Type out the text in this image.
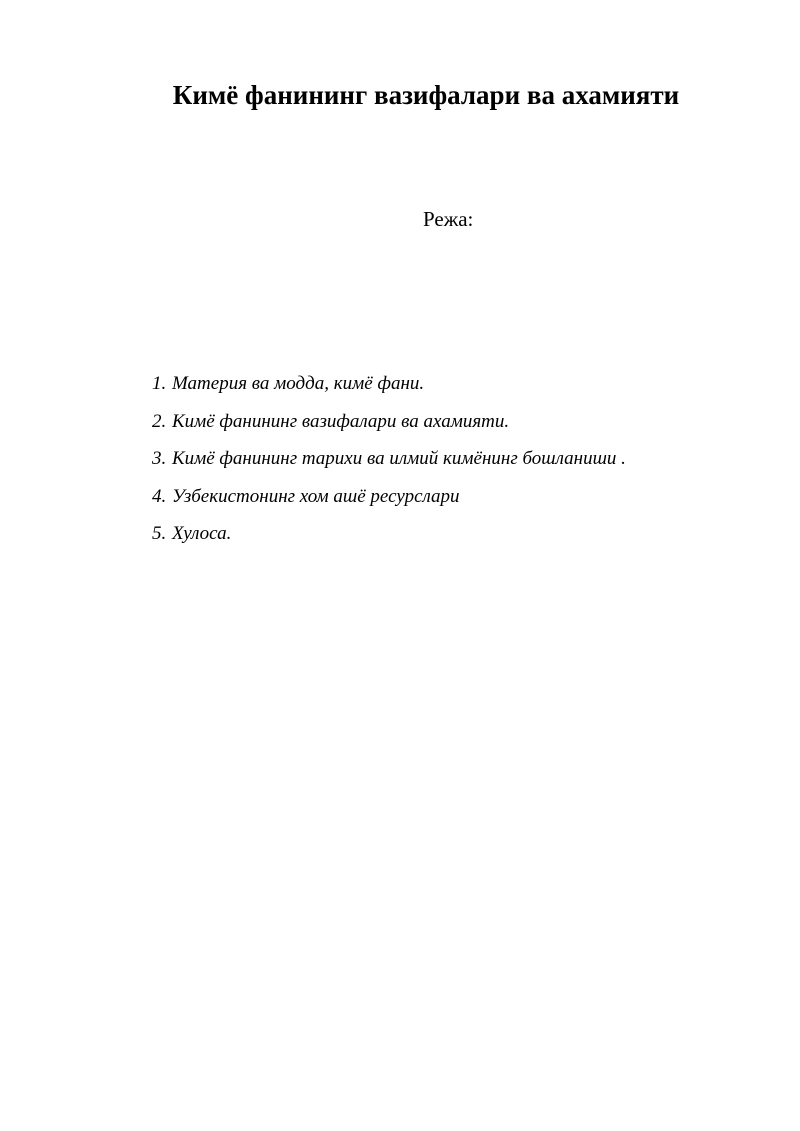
Кимё фанининг вазифалари ва ахамияти
Режа:
1. Материя ва модда, кимё фани.
2. Кимё фанининг вазифалари ва ахамияти.
3. Кимё фанининг тарихи ва илмий кимёнинг бошланиши .
4. Узбекистонинг хом ашё ресурслари
5. Хулоса.
